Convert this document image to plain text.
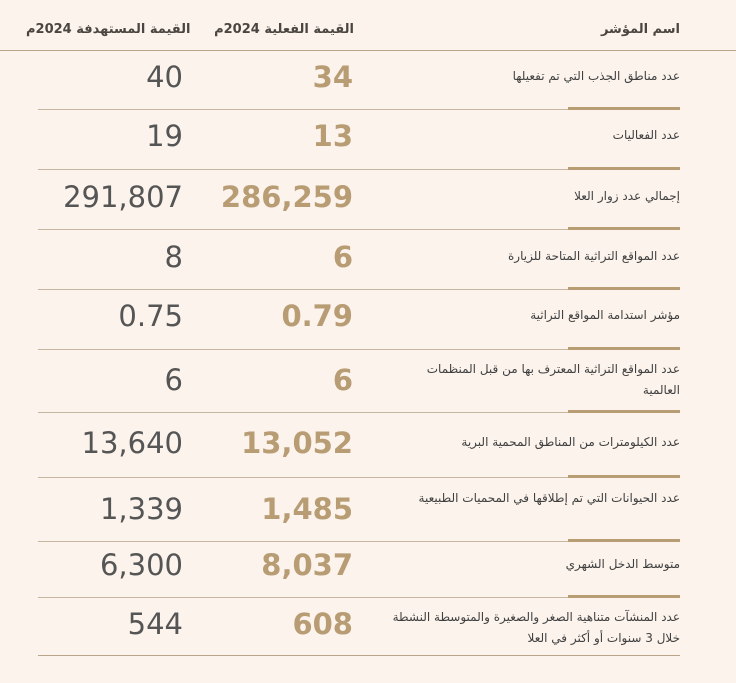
اسم المؤشر
القيمة الفعلية 2024م
القيمة المستهدفة 2024م
عدد مناطق الجذب التي تم تفعيلها
34
40
عدد الفعاليات
13
19
إجمالي عدد زوار العلا
286,259
291,807
عدد المواقع التراثية المتاحة للزيارة
6
8
مؤشر استدامة المواقع التراثية
0.79
0.75
عدد المواقع التراثية المعترف بها من قبل المنظمات العالمية
6
6
عدد الكيلومترات من المناطق المحمية البرية
13,052
13,640
عدد الحيوانات التي تم إطلاقها في المحميات الطبيعية
1,485
1,339
متوسط الدخل الشهري
8,037
6,300
عدد المنشآت متناهية الصغر والصغيرة والمتوسطة النشطة خلال 3 سنوات أو أكثر في العلا
608
544
